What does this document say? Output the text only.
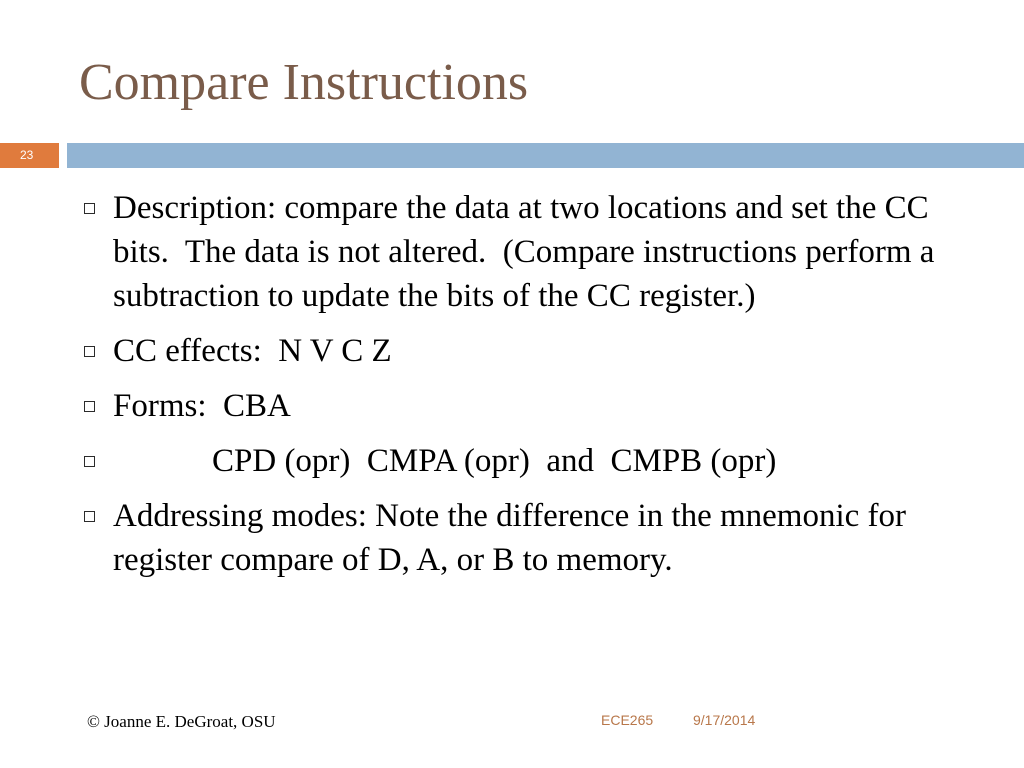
Compare Instructions
23
Description: compare the data at two locations and set the CC bits.  The data is not altered.  (Compare instructions perform a subtraction to update the bits of the CC register.)
CC effects:  N V C Z
Forms:  CBA
CPD (opr)  CMPA (opr)  and  CMPB (opr)
Addressing modes: Note the difference in the mnemonic for register compare of D, A, or B to memory.
© Joanne E. DeGroat, OSU	ECE265	9/17/2014
